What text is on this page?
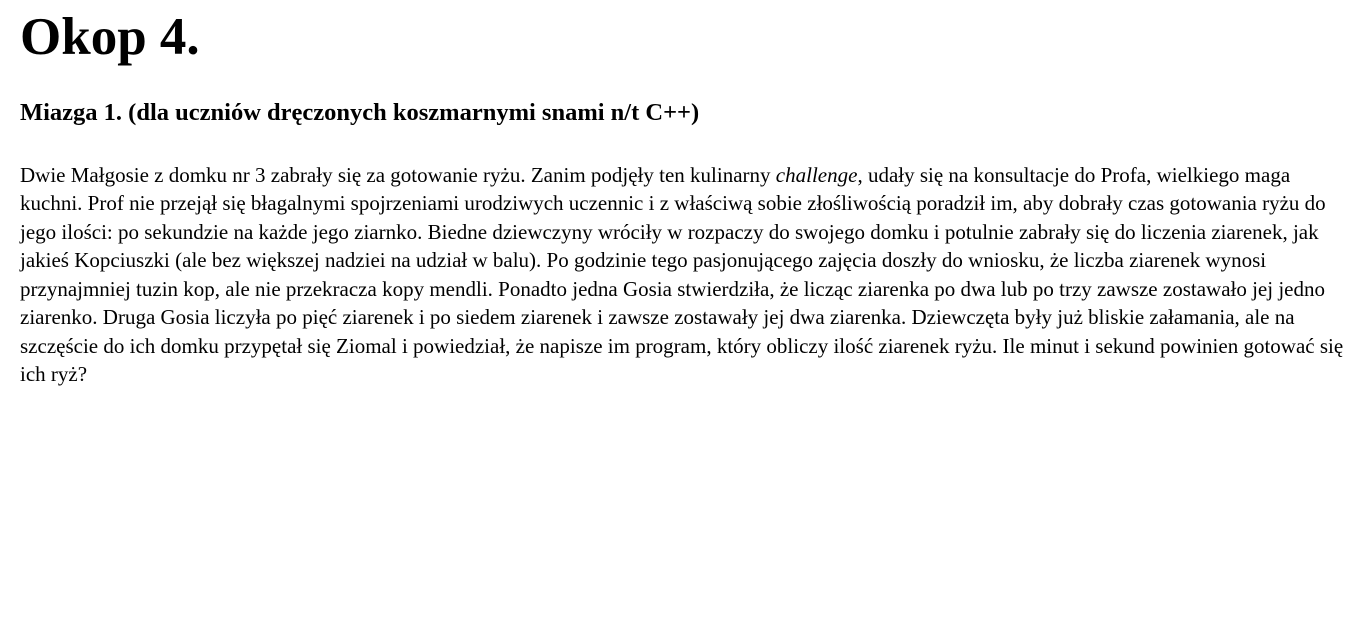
Okop 4.
Miazga 1. (dla uczniów dręczonych koszmarnymi snami n/t C++)

Dwie Małgosie z domku nr 3 zabrały się za gotowanie ryżu. Zanim podjęły ten kulinarny challenge, udały się na konsultacje do Profa, wielkiego maga kuchni. Prof nie przejął się błagalnymi spojrzeniami urodziwych uczennic i z właściwą sobie złośliwością poradził im, aby dobrały czas gotowania ryżu do jego ilości: po sekundzie na każde jego ziarnko. Biedne dziewczyny wróciły w rozpaczy do swojego domku i potulnie zabrały się do liczenia ziarenek, jak jakieś Kopciuszki (ale bez większej nadziei na udział w balu). Po godzinie tego pasjonującego zajęcia doszły do wniosku, że liczba ziarenek wynosi przynajmniej tuzin kop, ale nie przekracza kopy mendli. Ponadto jedna Gosia stwierdziła, że licząc ziarenka po dwa lub po trzy zawsze zostawało jej jedno ziarenko. Druga Gosia liczyła po pięć ziarenek i po siedem ziarenek i zawsze zostawały jej dwa ziarenka. Dziewczęta były już bliskie załamania, ale na szczęście do ich domku przypętał się Ziomal i powiedział, że napisze im program, który obliczy ilość ziarenek ryżu. Ile minut i sekund powinien gotować się ich ryż?
